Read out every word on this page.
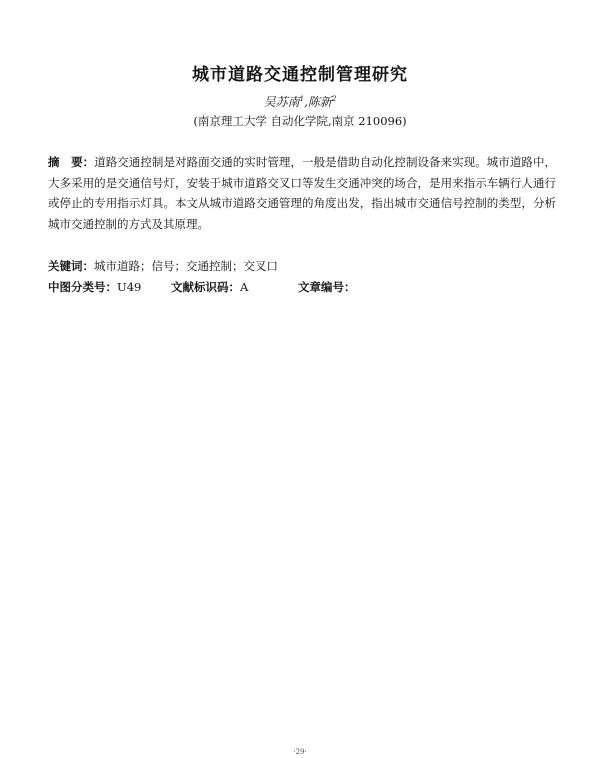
城市道路交通控制管理研究
吴苏南$^1$,陈新$^2$
(南京理工大学 自动化学院,南京 210096)
摘　要：道路交通控制是对路面交通的实时管理，一般是借助自动化控制设备来实现。城市道路中，大多采用的是交通信号灯，安装于城市道路交叉口等发生交通冲突的场合，是用来指示车辆行人通行或停止的专用指示灯具。本文从城市道路交通管理的角度出发，指出城市交通信号控制的类型，分析城市交通控制的方式及其原理。
关键词：城市道路；信号；交通控制；交叉口
中图分类号：U49	文献标识码：A	文章编号：
·29·
